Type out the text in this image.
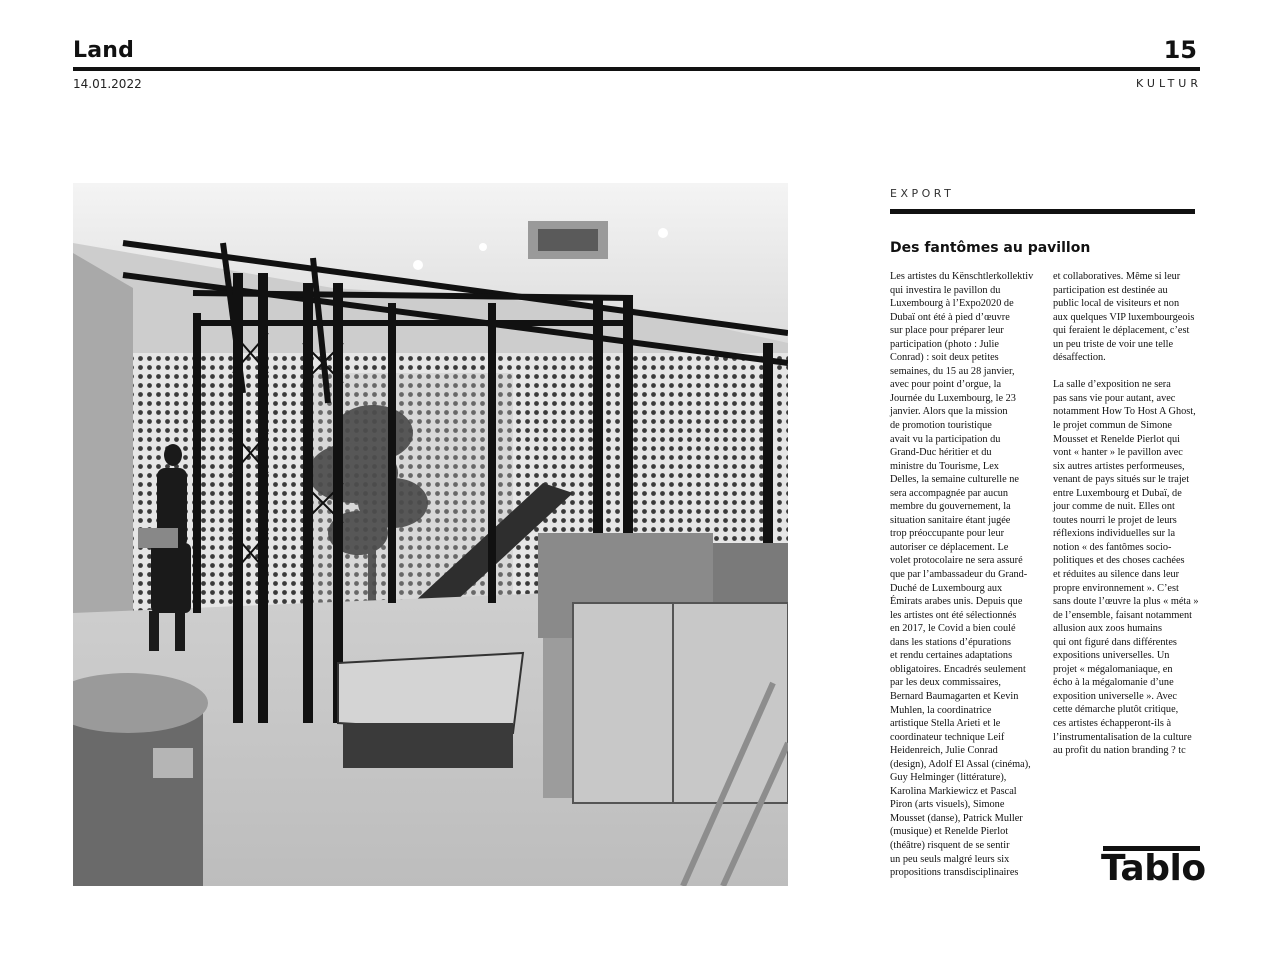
Land	15
14.01.2022	KULTUR
EXPORT
Des fantômes au pavillon

Les artistes du Kënschtlerkollektiv
qui investira le pavillon du
Luxembourg à l’Expo2020 de
Dubaï ont été à pied d’œuvre
sur place pour préparer leur
participation (photo : Julie
Conrad) : soit deux petites
semaines, du 15 au 28 janvier,
avec pour point d’orgue, la
Journée du Luxembourg, le 23
janvier. Alors que la mission
de promotion touristique
avait vu la participation du
Grand-Duc héritier et du
ministre du Tourisme, Lex
Delles, la semaine culturelle ne
sera accompagnée par aucun
membre du gouvernement, la
situation sanitaire étant jugée
trop préoccupante pour leur
autoriser ce déplacement. Le
volet protocolaire ne sera assuré
que par l’ambassadeur du Grand-
Duché de Luxembourg aux
Émirats arabes unis. Depuis que
les artistes ont été sélectionnés
en 2017, le Covid a bien coulé
dans les stations d’épurations
et rendu certaines adaptations
obligatoires. Encadrés seulement
par les deux commissaires,
Bernard Baumagarten et Kevin
Muhlen, la coordinatrice
artistique Stella Arieti et le
coordinateur technique Leif
Heidenreich, Julie Conrad
(design), Adolf El Assal (cinéma),
Guy Helminger (littérature),
Karolina Markiewicz et Pascal
Piron (arts visuels), Simone
Mousset (danse), Patrick Muller
(musique) et Renelde Pierlot
(théâtre) risquent de se sentir
un peu seuls malgré leurs six
propositions transdisciplinaires

et collaboratives. Même si leur
participation est destinée au
public local de visiteurs et non
aux quelques VIP luxembourgeois
qui feraient le déplacement, c’est
un peu triste de voir une telle
désaffection.

La salle d’exposition ne sera
pas sans vie pour autant, avec
notamment How To Host A Ghost,
le projet commun de Simone
Mousset et Renelde Pierlot qui
vont « hanter » le pavillon avec
six autres artistes performeuses,
venant de pays situés sur le trajet
entre Luxembourg et Dubaï, de
jour comme de nuit. Elles ont
toutes nourri le projet de leurs
réflexions individuelles sur la
notion « des fantômes socio-
politiques et des choses cachées
et réduites au silence dans leur
propre environnement ». C’est
sans doute l’œuvre la plus « méta »
de l’ensemble, faisant notamment
allusion aux zoos humains
qui ont figuré dans différentes
expositions universelles. Un
projet « mégalomaniaque, en
écho à la mégalomanie d’une
exposition universelle ». Avec
cette démarche plutôt critique,
ces artistes échapperont-ils à
l’instrumentalisation de la culture
au profit du nation branding ? tc

Tablo
